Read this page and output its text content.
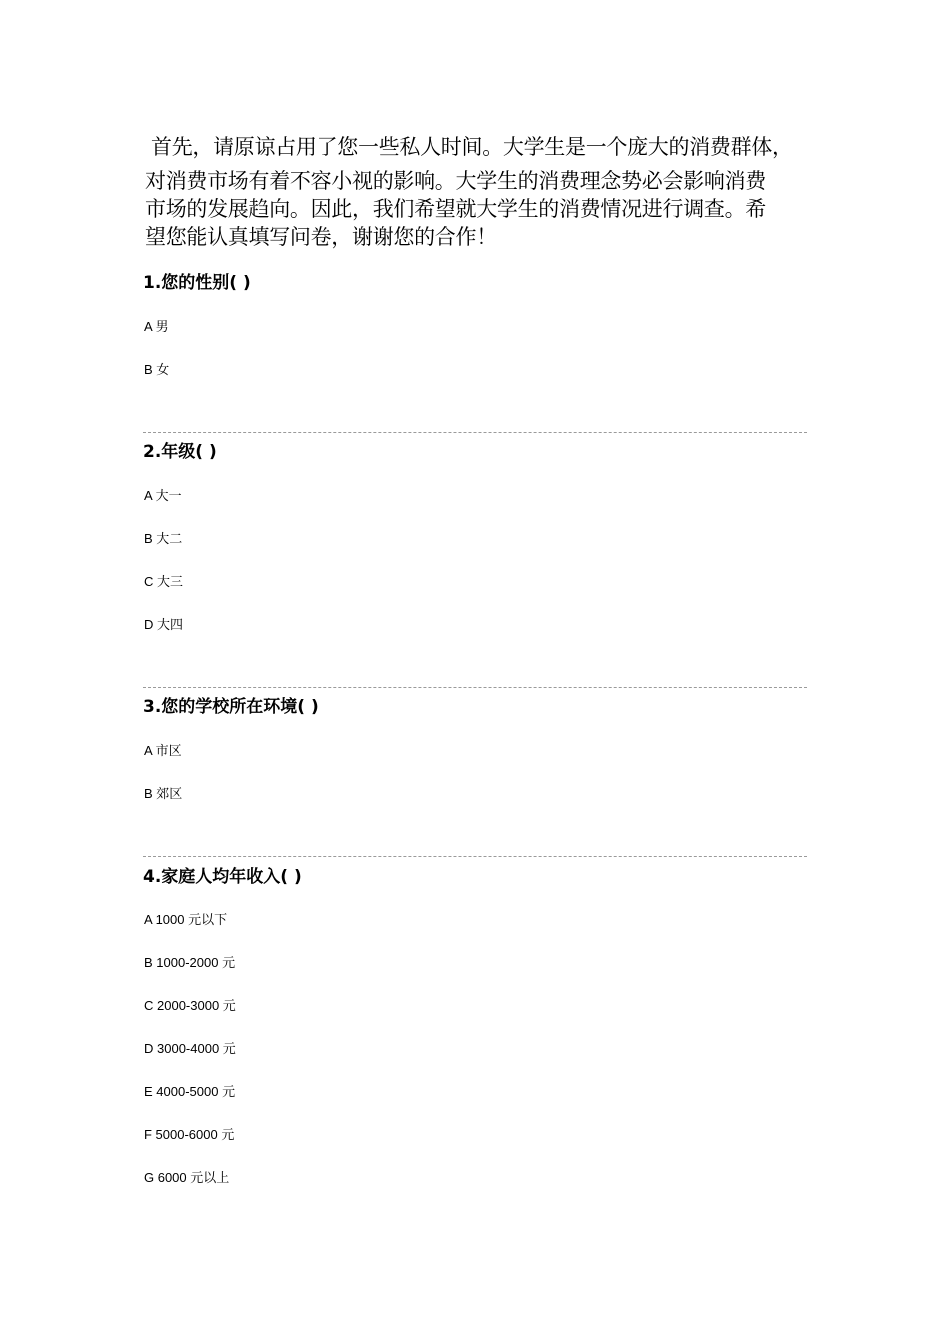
首先，请原谅占用了您一些私人时间。大学生是一个庞大的消费群体，

对消费市场有着不容小视的影响。大学生的消费理念势必会影响消费

市场的发展趋向。因此，我们希望就大学生的消费情况进行调查。希

望您能认真填写问卷，谢谢您的合作！

1.您的性别( )
A 男
B 女
2.年级( )
A 大一
B 大二
C 大三
D 大四
3.您的学校所在环境( )
A 市区
B 郊区
4.家庭人均年收入( )
A 1000 元以下
B 1000-2000 元
C 2000-3000 元
D 3000-4000 元
E 4000-5000 元
F 5000-6000 元
G 6000 元以上
